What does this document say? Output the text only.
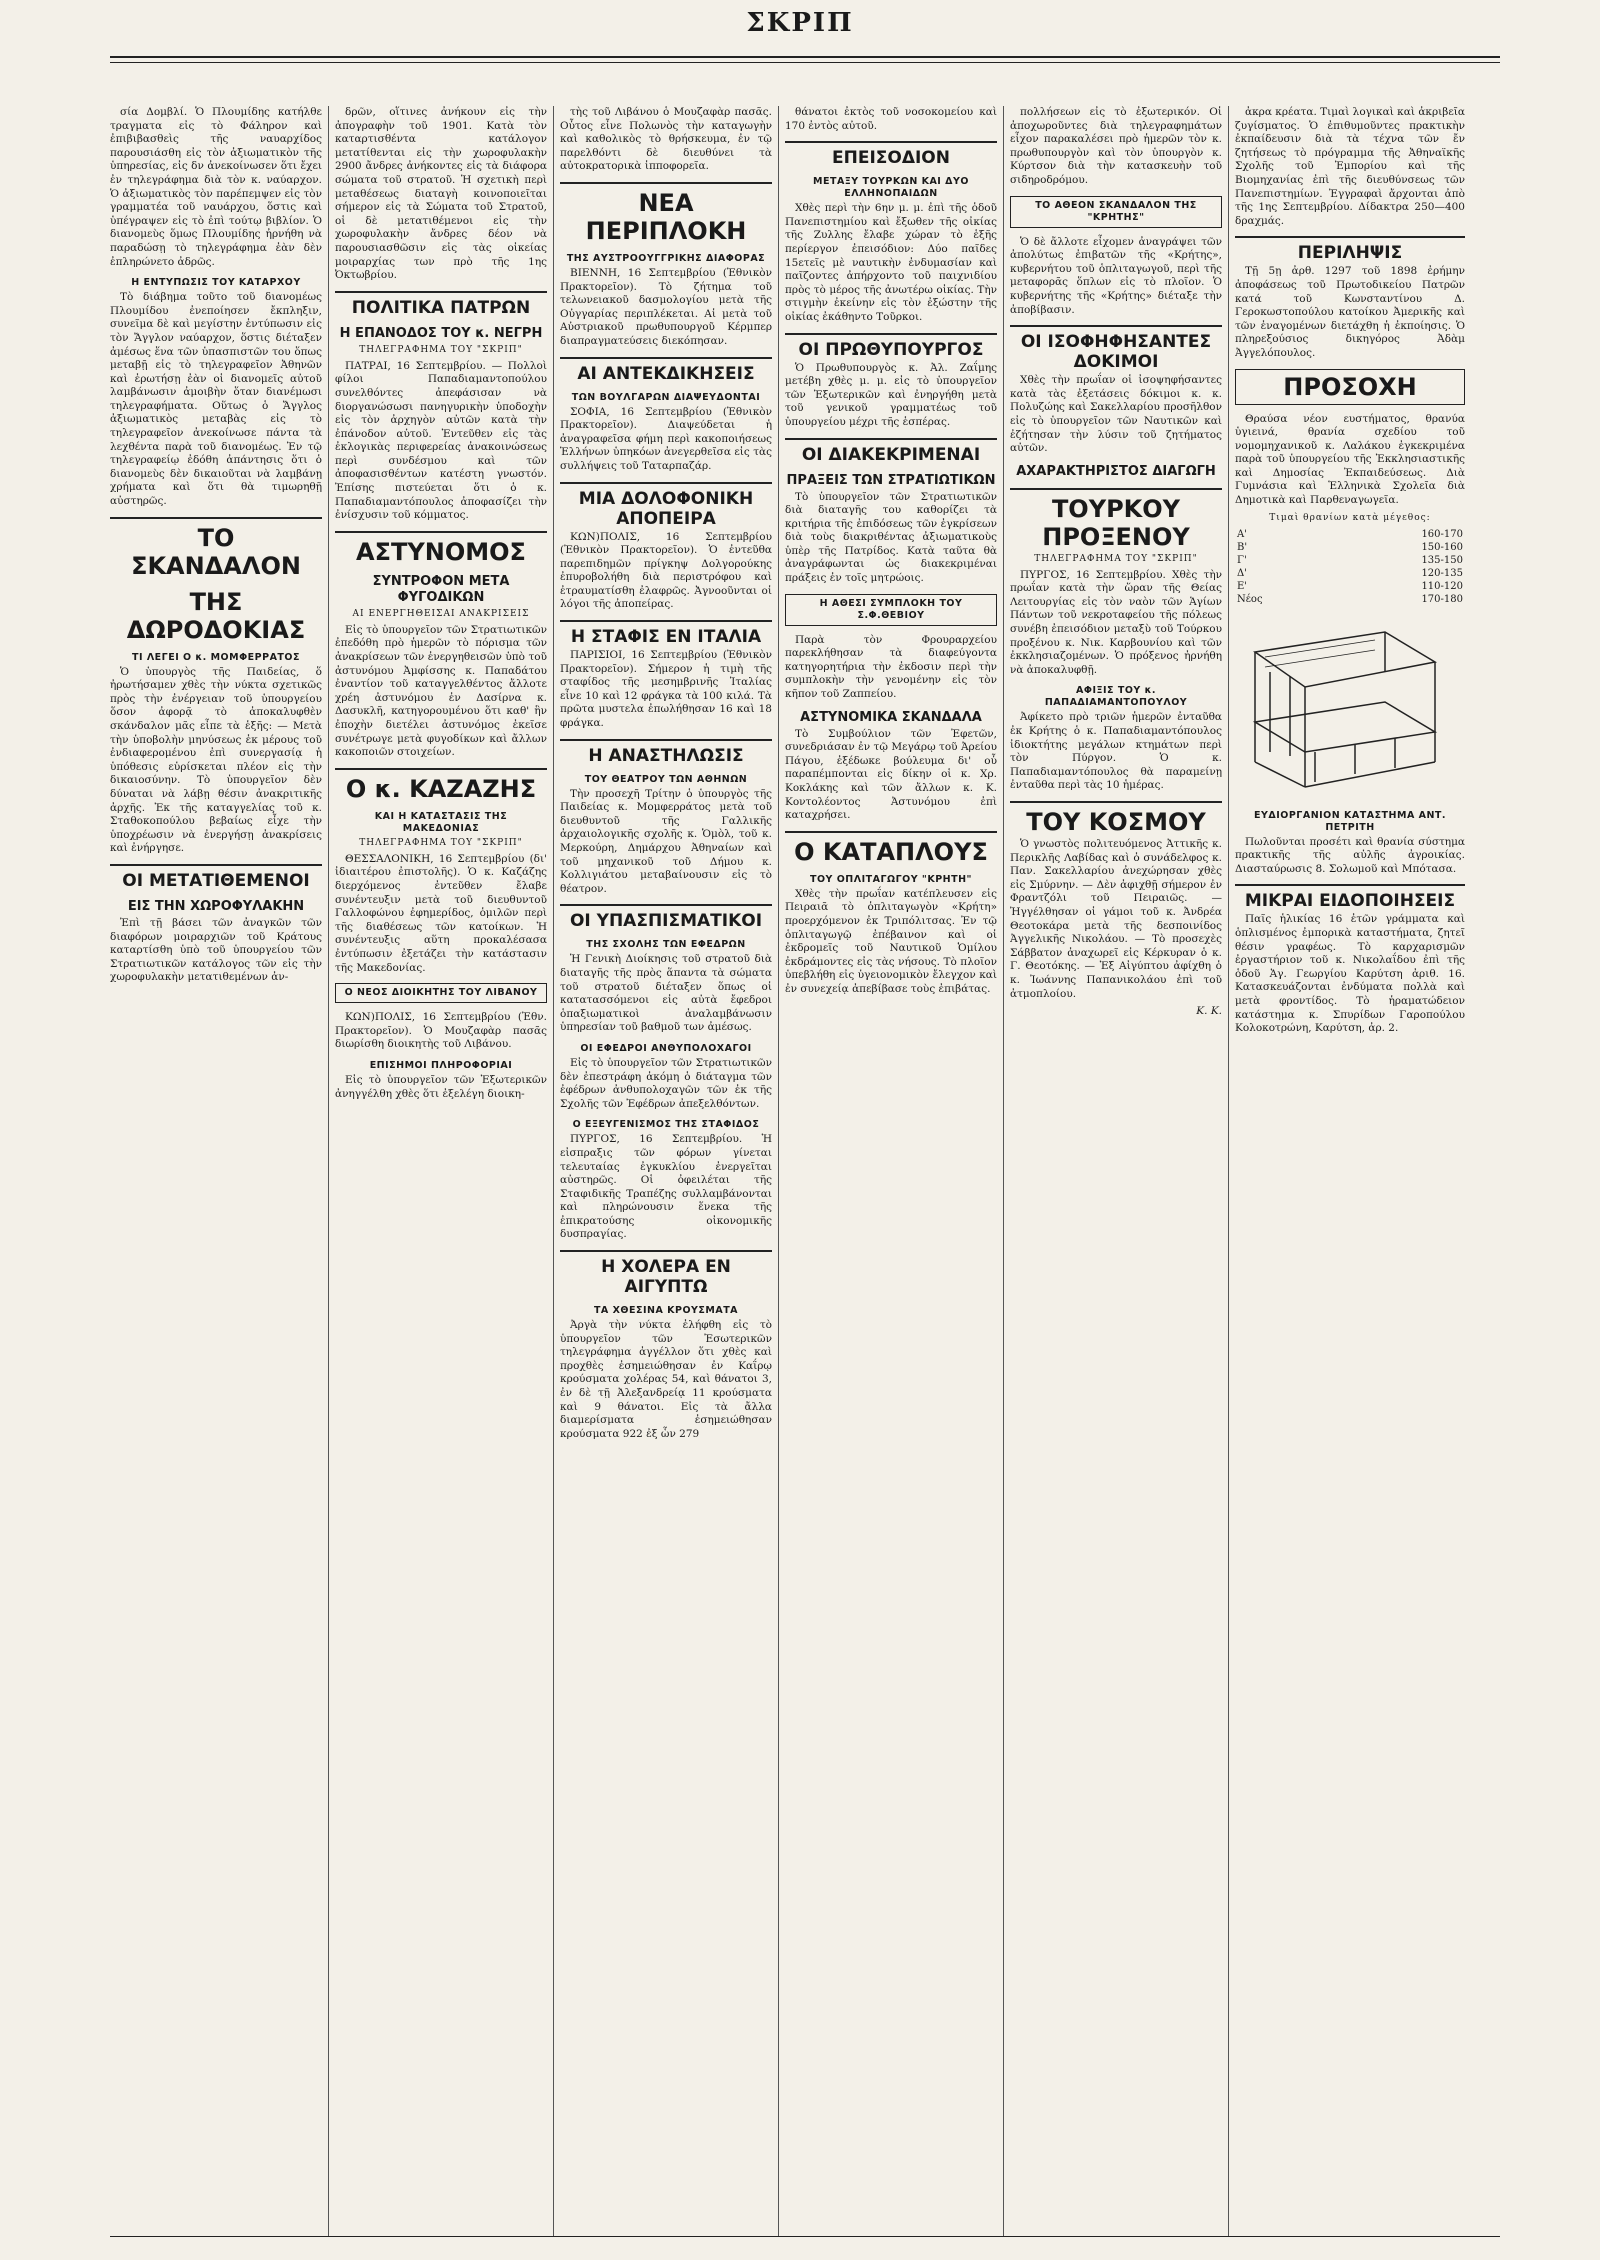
ΣΚΡΙΠ

σία Δομβλί. Ὁ Πλουμίδης κατήλθε τραγματα εἰς τὸ Φάληρον καὶ ἐπιβιβασθεὶς τῆς ναυαρχίδος παρουσιάσθη εἰς τὸν ἀξιωματικὸν τῆς ὑπηρεσίας, εἰς δν ἀνεκοίνωσεν ὅτι ἔχει ἐν τηλεγράφημα διὰ τὸν κ. ναύαρχον. Ὁ ἀξιωματικὸς τὸν παρέπεμψεν εἰς τὸν γραμματέα τοῦ ναυάρχου, ὅστις καὶ ὑπέγραψεν εἰς τὸ ἐπὶ τούτῳ βιβλίον. Ὁ διανομεὺς ὅμως Πλουμίδης ἠρνήθη νὰ παραδώσῃ τὸ τηλεγράφημα ἐὰν δὲν ἐπληρώνετο ἀδρῶς.

Η ΕΝΤΥΠΩΣΙΣ ΤΟΥ ΚΑΤΑΡΧΟΥ

Τὸ διάβημα τοῦτο τοῦ διανομέως Πλουμίδου ἐνεποίησεν ἔκπληξιν, συνεῖμα δὲ καὶ μεγίστην ἐντύπωσιν εἰς τὸν Ἄγγλον ναύαρχον, ὅστις διέταξεν ἀμέσως ἕνα τῶν ὑπασπιστῶν του ὅπως μεταβῇ εἰς τὸ τηλεγραφεῖον Ἀθηνῶν καὶ ἐρωτήσῃ ἐὰν οἱ διανομεῖς αὐτοῦ λαμβάνωσιν ἀμοιβὴν ὅταν διανέμωσι τηλεγραφήματα. Οὕτως ὁ Ἄγγλος ἀξιωματικὸς μεταβὰς εἰς τὸ τηλεγραφεῖον ἀνεκοίνωσε πάντα τὰ λεχθέντα παρὰ τοῦ διανομέως. Ἐν τῷ τηλεγραφείῳ ἐδόθη ἀπάντησις ὅτι ὁ διανομεὺς δὲν δικαιοῦται νὰ λαμβάνῃ χρήματα καὶ ὅτι θὰ τιμωρηθῇ αὐστηρῶς.

ΤΟ ΣΚΑΝΔΑΛΟΝ
ΤΗΣ ΔΩΡΟΔΟΚΙΑΣ
ΤΙ ΛΕΓΕΙ Ο κ. ΜΟΜΦΕΡΡΑΤΟΣ

Ὁ ὑπουργὸς τῆς Παιδείας, ὅ ἠρωτήσαμεν χθὲς τὴν νύκτα σχετικῶς πρὸς τὴν ἐνέργειαν τοῦ ὑπουργείου ὅσον ἀφορᾷ τὸ ἀποκαλυφθὲν σκάνδαλον μᾶς εἶπε τὰ ἑξῆς: — Μετὰ τὴν ὑποβολὴν μηνύσεως ἐκ μέρους τοῦ ἐνδιαφερομένου ἐπὶ συνεργασίᾳ ἡ ὑπόθεσις εὑρίσκεται πλέον εἰς τὴν δικαιοσύνην. Τὸ ὑπουργεῖον δὲν δύναται νὰ λάβῃ θέσιν ἀνακριτικῆς ἀρχῆς. Ἐκ τῆς καταγγελίας τοῦ κ. Σταθοκοπούλου βεβαίως εἶχε τὴν ὑποχρέωσιν νὰ ἐνεργήσῃ ἀνακρίσεις καὶ ἐνήργησε.

ΟΙ ΜΕΤΑΤΙΘΕΜΕΝΟΙ
ΕΙΣ ΤΗΝ ΧΩΡΟΦΥΛΑΚΗΝ

Ἐπὶ τῇ βάσει τῶν ἀναγκῶν τῶν διαφόρων μοιραρχιῶν τοῦ Κράτους καταρτίσθη ὑπὸ τοῦ ὑπουργείου τῶν Στρατιωτικῶν κατάλογος τῶν εἰς τὴν χωροφυλακὴν μετατιθεμένων ἀν-

δρῶν, οἵτινες ἀνήκουν εἰς τὴν ἀπογραφὴν τοῦ 1901. Κατὰ τὸν καταρτισθέντα κατάλογον μετατίθενται εἰς τὴν χωροφυλακὴν 2900 ἄνδρες ἀνήκοντες εἰς τὰ διάφορα σώματα τοῦ στρατοῦ. Ἡ σχετικὴ περὶ μεταθέσεως διαταγὴ κοινοποιεῖται σήμερον εἰς τὰ Σώματα τοῦ Στρατοῦ, οἱ δὲ μετατιθέμενοι εἰς τὴν χωροφυλακὴν ἄνδρες δέον νὰ παρουσιασθῶσιν εἰς τὰς οἰκείας μοιραρχίας των πρὸ τῆς 1ης Ὀκτωβρίου.

ΠΟΛΙΤΙΚΑ ΠΑΤΡΩΝ
Η ΕΠΑΝΟΔΟΣ ΤΟΥ κ. ΝΕΓΡΗ
ΤΗΛΕΓΡΑΦΗΜΑ ΤΟΥ "ΣΚΡΙΠ"

ΠΑΤΡΑΙ, 16 Σεπτεμβρίου. — Πολλοὶ φίλοι Παπαδιαμαντοπούλου συνελθόντες ἀπεφάσισαν νὰ διοργανώσωσι πανηγυρικὴν ὑποδοχὴν εἰς τὸν ἀρχηγὸν αὐτῶν κατὰ τὴν ἐπάνοδον αὐτοῦ. Ἐντεῦθεν εἰς τὰς ἐκλογικὰς περιφερείας ἀνακοινώσεως περὶ συνδέσμου καὶ τῶν ἀποφασισθέντων κατέστη γνωστόν. Ἐπίσης πιστεύεται ὅτι ὁ κ. Παπαδιαμαντόπουλος ἀποφασίζει τὴν ἐνίσχυσιν τοῦ κόμματος.

ΑΣΤΥΝΟΜΟΣ
ΣΥΝΤΡΟΦΟΝ ΜΕΤΑ ΦΥΓΟΔΙΚΩΝ
ΑΙ ΕΝΕΡΓΗΘΕΙΣΑΙ ΑΝΑΚΡΙΣΕΙΣ

Εἰς τὸ ὑπουργεῖον τῶν Στρατιωτικῶν ἐπεδόθη πρὸ ἡμερῶν τὸ πόρισμα τῶν ἀνακρίσεων τῶν ἐνεργηθεισῶν ὑπὸ τοῦ ἀστυνόμου Ἀμφίσσης κ. Παπαδάτου ἐναντίον τοῦ καταγγελθέντος ἄλλοτε χρέη ἀστυνόμου ἐν Δασίρνα κ. Δασυκλῆ, κατηγορουμένου ὅτι καθ' ἣν ἐποχὴν διετέλει ἀστυνόμος ἐκεῖσε συνέτρωγε μετὰ φυγοδίκων καὶ ἄλλων κακοποιῶν στοιχείων.

Ο κ. ΚΑΖΑΖΗΣ
ΚΑΙ Η ΚΑΤΑΣΤΑΣΙΣ ΤΗΣ ΜΑΚΕΔΟΝΙΑΣ
ΤΗΛΕΓΡΑΦΗΜΑ ΤΟΥ "ΣΚΡΙΠ"

ΘΕΣΣΑΛΟΝΙΚΗ, 16 Σεπτεμβρίου (δι' ἰδιαιτέρου ἐπιστολῆς). Ὁ κ. Καζάζης διερχόμενος ἐντεῦθεν ἔλαβε συνέντευξιν μετὰ τοῦ διευθυντοῦ Γαλλοφώνου ἐφημερίδος, ὁμιλῶν περὶ τῆς διαθέσεως τῶν κατοίκων. Ἡ συνέντευξις αὕτη προκαλέσασα ἐντύπωσιν ἐξετάζει τὴν κατάστασιν τῆς Μακεδονίας.

Ο ΝΕΟΣ ΔΙΟΙΚΗΤΗΣ ΤΟΥ ΛΙΒΑΝΟΥ

ΚΩΝ)ΠΟΛΙΣ, 16 Σεπτεμβρίου (Ἐθν. Πρακτορεῖον). Ὁ Μουζαφὰρ πασᾶς διωρίσθη διοικητὴς τοῦ Λιβάνου.

ΕΠΙΣΗΜΟΙ ΠΛΗΡΟΦΟΡΙΑΙ

Εἰς τὸ ὑπουργεῖον τῶν Ἐξωτερικῶν ἀνηγγέλθη χθὲς ὅτι ἐξελέγη διοικη-

τὴς τοῦ Λιβάνου ὁ Μουζαφὰρ πασᾶς. Οὗτος εἶνε Πολωνὸς τὴν καταγωγὴν καὶ καθολικὸς τὸ θρήσκευμα, ἐν τῷ παρελθόντι δὲ διευθύνει τὰ αὐτοκρατορικὰ ἱπποφορεῖα.

ΝΕΑ ΠΕΡΙΠΛΟΚΗ
ΤΗΣ ΑΥΣΤΡΟΟΥΓΓΡΙΚΗΣ ΔΙΑΦΟΡΑΣ

ΒΙΕΝΝΗ, 16 Σεπτεμβρίου (Ἐθνικὸν Πρακτορεῖον). Τὸ ζήτημα τοῦ τελωνειακοῦ δασμολογίου μετὰ τῆς Οὐγγαρίας περιπλέκεται. Αἱ μετὰ τοῦ Αὐστριακοῦ πρωθυπουργοῦ Κέρμπερ διαπραγματεύσεις διεκόπησαν.

ΑΙ ΑΝΤΕΚΔΙΚΗΣΕΙΣ
ΤΩΝ ΒΟΥΛΓΑΡΩΝ ΔΙΑΨΕΥΔΟΝΤΑΙ

ΣΟΦΙΑ, 16 Σεπτεμβρίου (Ἐθνικὸν Πρακτορεῖον). Διαψεύδεται ἡ ἀναγραφεῖσα φήμη περὶ κακοποιήσεως Ἑλλήνων ὑπηκόων ἀνεγερθεῖσα εἰς τὰς συλλήψεις τοῦ Ταταρπαζάρ.

ΜΙΑ ΔΟΛΟΦΟΝΙΚΗ ΑΠΟΠΕΙΡΑ

ΚΩΝ)ΠΟΛΙΣ, 16 Σεπτεμβρίου (Ἐθνικὸν Πρακτορεῖον). Ὁ ἐντεῦθα παρεπιδημῶν πρίγκηψ Δολγορούκης ἐπυροβολήθη διὰ περιστρόφου καὶ ἐτραυματίσθη ἐλαφρῶς. Ἀγνοοῦνται οἱ λόγοι τῆς ἀποπείρας.

Η ΣΤΑΦΙΣ ΕΝ ΙΤΑΛΙΑ

ΠΑΡΙΣΙΟΙ, 16 Σεπτεμβρίου (Ἐθνικὸν Πρακτορεῖον). Σήμερον ἡ τιμὴ τῆς σταφίδος τῆς μεσημβρινῆς Ἰταλίας εἶνε 10 καὶ 12 φράγκα τὰ 100 κιλά. Τὰ πρῶτα μυστελα ἐπωλήθησαν 16 καὶ 18 φράγκα.

Η ΑΝΑΣΤΗΛΩΣΙΣ
ΤΟΥ ΘΕΑΤΡΟΥ ΤΩΝ ΑΘΗΝΩΝ

Τὴν προσεχῆ Τρίτην ὁ ὑπουργὸς τῆς Παιδείας κ. Μομφερράτος μετὰ τοῦ διευθυντοῦ τῆς Γαλλικῆς ἀρχαιολογικῆς σχολῆς κ. Ὁμὸλ, τοῦ κ. Μερκούρη, Δημάρχου Ἀθηναίων καὶ τοῦ μηχανικοῦ τοῦ Δήμου κ. Κολλιγιάτου μεταβαίνουσιν εἰς τὸ θέατρον.

ΟΙ ΥΠΑΣΠΙΣΜΑΤΙΚΟΙ
ΤΗΣ ΣΧΟΛΗΣ ΤΩΝ ΕΦΕΔΡΩΝ

Ἡ Γενικὴ Διοίκησις τοῦ στρατοῦ διὰ διαταγῆς τῆς πρὸς ἅπαντα τὰ σώματα τοῦ στρατοῦ διέταξεν ὅπως οἱ κατατασσόμενοι εἰς αὐτὰ ἔφεδροι ὁπαξιωματικοὶ ἀναλαμβάνωσιν ὑπηρεσίαν τοῦ βαθμοῦ των ἀμέσως.

ΟΙ ΕΦΕΔΡΟΙ ΑΝΘΥΠΟΛΟΧΑΓΟΙ

Εἰς τὸ ὑπουργεῖον τῶν Στρατιωτικῶν δὲν ἐπεστράφη ἀκόμη ὁ διάταγμα τῶν ἐφέδρων ἀνθυπολοχαγῶν τῶν ἐκ τῆς Σχολῆς τῶν Ἐφέδρων ἀπεξελθόντων.

Ο ΕΞΕΥΓΕΝΙΣΜΟΣ ΤΗΣ ΣΤΑΦΙΔΟΣ

ΠΥΡΓΟΣ, 16 Σεπτεμβρίου. Ἡ εἰσπραξις τῶν φόρων γίνεται τελευταίας ἐγκυκλίου ἐνεργεῖται αὐστηρῶς. Οἱ ὀφειλέται τῆς Σταφιδικῆς Τραπέζης συλλαμβάνονται καὶ πληρώνουσιν ἕνεκα τῆς ἐπικρατούσης οἰκονομικῆς δυσπραγίας.

Η ΧΟΛΕΡΑ ΕΝ ΑΙΓΥΠΤΩ
ΤΑ ΧΘΕΣΙΝΑ ΚΡΟΥΣΜΑΤΑ

Ἀργὰ τὴν νύκτα ἐλήφθη εἰς τὸ ὑπουργεῖον τῶν Ἐσωτερικῶν τηλεγράφημα ἀγγέλλον ὅτι χθὲς καὶ προχθὲς ἐσημειώθησαν ἐν Καΐρῳ κρούσματα χολέρας 54, καὶ θάνατοι 3, ἐν δὲ τῇ Ἀλεξανδρείᾳ 11 κρούσματα καὶ 9 θάνατοι. Εἰς τὰ ἄλλα διαμερίσματα ἐσημειώθησαν κρούσματα 922 ἐξ ὧν 279

θάνατοι ἐκτὸς τοῦ νοσοκομείου καὶ 170 ἐντὸς αὐτοῦ.

ΕΠΕΙΣΟΔΙΟΝ
ΜΕΤΑΞΥ ΤΟΥΡΚΩΝ ΚΑΙ ΔΥΟ ΕΛΛΗΝΟΠΑΙΔΩΝ

Χθὲς περὶ τὴν 6ην μ. μ. ἐπὶ τῆς ὁδοῦ Πανεπιστημίου καὶ ἔξωθεν τῆς οἰκίας τῆς Ζυλλης ἔλαβε χώραν τὸ ἑξῆς περίεργον ἐπεισόδιον: Δύο παῖδες 15ετεῖς μὲ ναυτικὴν ἐνδυμασίαν καὶ παῖζοντες ἀπήρχοντο τοῦ παιχνιδίου πρὸς τὸ μέρος τῆς ἀνωτέρω οἰκίας. Τὴν στιγμὴν ἐκείνην εἰς τὸν ἐξώστην τῆς οἰκίας ἐκάθηντο Τοῦρκοι.

ΟΙ ΠΡΩΘΥΠΟΥΡΓΟΣ

Ὁ Πρωθυπουργὸς κ. Ἀλ. Ζαΐμης μετέβη χθὲς μ. μ. εἰς τὸ ὑπουργεῖον τῶν Ἐξωτερικῶν καὶ ἐνηργήθη μετὰ τοῦ γενικοῦ γραμματέως τοῦ ὑπουργείου μέχρι τῆς ἑσπέρας.

ΟΙ ΔΙΑΚΕΚΡΙΜΕΝΑΙ
ΠΡΑΞΕΙΣ ΤΩΝ ΣΤΡΑΤΙΩΤΙΚΩΝ

Τὸ ὑπουργεῖον τῶν Στρατιωτικῶν διὰ διαταγῆς του καθορίζει τὰ κριτήρια τῆς ἐπιδόσεως τῶν ἐγκρίσεων διὰ τοὺς διακριθέντας ἀξιωματικοὺς ὑπὲρ τῆς Πατρίδος. Κατὰ ταῦτα θὰ ἀναγράφωνται ὡς διακεκριμέναι πράξεις ἐν τοῖς μητρώοις.

Η ΑΘΕΣΙ ΣΥΜΠΛΟΚΗ ΤΟΥ Σ.Φ.ΘΕΒΙΟΥ

Παρὰ τὸν Φρουραρχείου παρεκλήθησαν τὰ διαφεύγοντα κατηγορητήρια τὴν ἐκδοσιν περὶ τὴν συμπλοκὴν τὴν γενομένην εἰς τὸν κῆπον τοῦ Ζαππείου.

ΑΣΤΥΝΟΜΙΚΑ ΣΚΑΝΔΑΛΑ

Τὸ Συμβούλιον τῶν Ἐφετῶν, συνεδριάσαν ἐν τῷ Μεγάρῳ τοῦ Ἀρείου Πάγου, ἐξέδωκε βούλευμα δι' οὗ παραπέμπονται εἰς δίκην οἱ κ. Χρ. Κοκλάκης καὶ τῶν ἄλλων κ. Κ. Κοντολέοντος Ἀστυνόμου ἐπὶ καταχρήσει.

Ο ΚΑΤΑΠΛΟΥΣ
ΤΟΥ ΟΠΛΙΤΑΓΩΓΟΥ "ΚΡΗΤΗ"

Χθὲς τὴν πρωΐαν κατέπλευσεν εἰς Πειραιᾶ τὸ ὁπλιταγωγὸν «Κρήτη» προερχόμενον ἐκ Τριπόλιτσας. Ἐν τῷ ὁπλιταγωγῷ ἐπέβαινον καὶ οἱ ἐκδρομεῖς τοῦ Ναυτικοῦ Ὁμίλου ἐκδράμοντες εἰς τὰς νήσους. Τὸ πλοῖον ὑπεβλήθη εἰς ὑγειονομικὸν ἔλεγχον καὶ ἐν συνεχείᾳ ἀπεβίβασε τοὺς ἐπιβάτας.

πολλήσεων εἰς τὸ ἐξωτερικόν. Οἱ ἀποχωροῦντες διὰ τηλεγραφημάτων εἶχον παρακαλέσει πρὸ ἡμερῶν τὸν κ. πρωθυπουργὸν καὶ τὸν ὑπουργὸν κ. Κύρτσον διὰ τὴν κατασκευὴν τοῦ σιδηροδρόμου.

ΤΟ ΑΘΕΟΝ ΣΚΑΝΔΑΛΟΝ ΤΗΣ "ΚΡΗΤΗΣ"

Ὁ δὲ ἄλλοτε εἶχομεν ἀναγράψει τῶν ἀπολύτως ἐπιβατῶν τῆς «Κρήτης», κυβερνήτου τοῦ ὁπλιταγωγοῦ, περὶ τῆς μεταφορᾶς ὅπλων εἰς τὸ πλοῖον. Ὁ κυβερνήτης τῆς «Κρήτης» διέταξε τὴν ἀποβίβασιν.

ΟΙ ΙΣΟΦΗΦΗΣΑΝΤΕΣ ΔΟΚΙΜΟΙ

Χθὲς τὴν πρωΐαν οἱ ἰσοψηφήσαντες κατὰ τὰς ἐξετάσεις δόκιμοι κ. κ. Πολυζώης καὶ Σακελλαρίου προσῆλθον εἰς τὸ ὑπουργεῖον τῶν Ναυτικῶν καὶ ἐζήτησαν τὴν λύσιν τοῦ ζητήματος αὐτῶν.

ΑΧΑΡΑΚΤΗΡΙΣΤΟΣ ΔΙΑΓΩΓΗ
ΤΟΥΡΚΟΥ ΠΡΟΞΕΝΟΥ
ΤΗΛΕΓΡΑΦΗΜΑ ΤΟΥ "ΣΚΡΙΠ"

ΠΥΡΓΟΣ, 16 Σεπτεμβρίου. Χθὲς τὴν πρωΐαν κατὰ τὴν ὥραν τῆς Θείας Λειτουργίας εἰς τὸν ναὸν τῶν Ἁγίων Πάντων τοῦ νεκροταφείου τῆς πόλεως συνέβη ἐπεισόδιον μεταξὺ τοῦ Τούρκου προξένου κ. Νικ. Καρβουνίου καὶ τῶν ἐκκλησιαζομένων. Ὁ πρόξενος ἠρνήθη νὰ ἀποκαλυφθῇ.

ΑΦΙΞΙΣ ΤΟΥ κ. ΠΑΠΑΔΙΑΜΑΝΤΟΠΟΥΛΟΥ

Ἀφίκετο πρὸ τριῶν ἡμερῶν ἐνταῦθα ἐκ Κρήτης ὁ κ. Παπαδιαμαντόπουλος ἰδιοκτήτης μεγάλων κτημάτων περὶ τὸν Πύργον. Ὁ κ. Παπαδιαμαντόπουλος θὰ παραμείνῃ ἐνταῦθα περὶ τὰς 10 ἡμέρας.

ΤΟΥ ΚΟΣΜΟΥ

Ὁ γνωστὸς πολιτευόμενος Ἀττικῆς κ. Περικλῆς Λαβίδας καὶ ὁ συνάδελφος κ. Παν. Σακελλαρίου ἀνεχώρησαν χθὲς εἰς Σμύρνην. — Δὲν ἀφιχθῇ σήμερον ἐν Φραντζόλι τοῦ Πειραιῶς. — Ἠγγέλθησαν οἱ γάμοι τοῦ κ. Ἀνδρέα Θεοτοκάρα μετὰ τῆς δεσποινίδος Ἀγγελικῆς Νικολάου. — Τὸ προσεχὲς Σάββατον ἀναχωρεῖ εἰς Κέρκυραν ὁ κ. Γ. Θεοτόκης. — Ἐξ Αἰγύπτου ἀφίχθη ὁ κ. Ἰωάννης Παπανικολάου ἐπὶ τοῦ ἀτμοπλοίου.

Κ. Κ.

ἀκρα κρέατα. Τιμαὶ λογικαὶ καὶ ἀκριβεῖα ζυγίσματος. Ὁ ἐπιθυμοῦντες πρακτικὴν ἐκπαίδευσιν διὰ τὰ τέχνα τῶν ἔν ζητήσεως τὸ πρόγραμμα τῆς Ἀθηναϊκῆς Σχολῆς τοῦ Ἐμπορίου καὶ τῆς Βιομηχανίας ἐπὶ τῆς διευθύνσεως τῶν Πανεπιστημίων. Ἐγγραφαὶ ἄρχονται ἀπὸ τῆς 1ης Σεπτεμβρίου. Δίδακτρα 250—400 δραχμάς.

ΠΕΡΙΛΗΨΙΣ

Τῇ 5ῃ ἀρθ. 1297 τοῦ 1898 ἐρήμην ἀποφάσεως τοῦ Πρωτοδικείου Πατρῶν κατά τοῦ Κωνσταντίνου Δ. Γεροκωστοπούλου κατοίκου Ἀμερικῆς καὶ τῶν ἐναγομένων διετάχθη ἡ ἐκποίησις. Ὁ πληρεξούσιος δικηγόρος Ἀδὰμ Ἀγγελόπουλος.

ΠΡΟΣΟΧΗ

Θραύσα νέον ευστήματος, θρανύα ὑγιεινά, θρανία σχεδίου τοῦ νομομηχανικοῦ κ. Λαλάκου ἐγκεκριμένα παρὰ τοῦ ὑπουργείου τῆς Ἐκκλησιαστικῆς καὶ Δημοσίας Ἐκπαιδεύσεως. Διὰ Γυμνάσια καὶ Ἑλληνικὰ Σχολεῖα διὰ Δημοτικὰ καὶ Παρθεναγωγεῖα.

Τιμαὶ θρανίων κατὰ μέγεθος:
Α'	160-170
Β'	150-160
Γ'	135-150
Δ'	120-135
Ε'	110-120
Νέος	170-180
ΕΥΔΙΟΡΓΑΝΙΟΝ ΚΑΤΑΣΤΗΜΑ ΑΝΤ. ΠΕΤΡΙΤΗ

Πωλοῦνται προσέτι καὶ θρανία σύστημα πρακτικῆς τῆς αὐλῆς ἀγροικίας. Διασταύρωσις 8. Σολωμοῦ καὶ Μπότασα.

ΜΙΚΡΑΙ ΕΙΔΟΠΟΙΗΣΕΙΣ

Παῖς ἡλικίας 16 ἐτῶν γράμματα καὶ ὁπλισμένος ἐμπορικὰ καταστήματα, ζητεῖ θέσιν γραφέως. Τὸ καρχαρισμῶν ἐργαστήριον τοῦ κ. Νικολαΐδου ἐπὶ τῆς ὁδοῦ Ἁγ. Γεωργίου Καρύτση ἀριθ. 16. Κατασκευάζονται ἐνδύματα πολλὰ καὶ μετὰ φροντίδος. Τὸ ἡραματώδειον κατάστημα κ. Σπυρίδων Γαροπούλου Κολοκοτρώνη, Καρύτση, ἀρ. 2.
